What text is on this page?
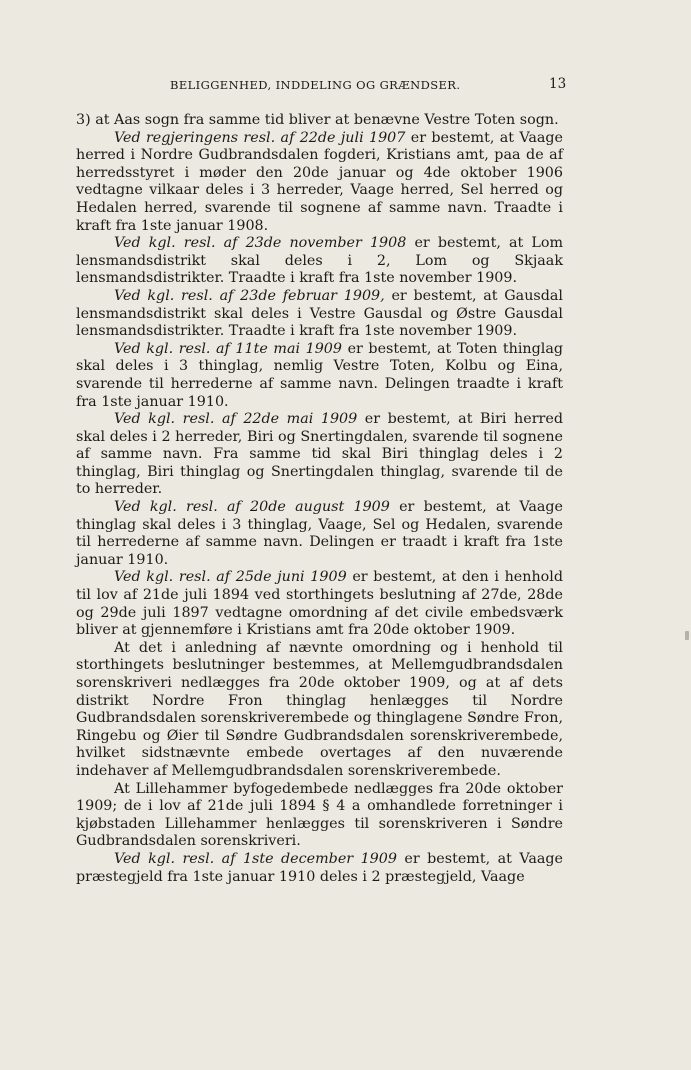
BELIGGENHED, INDDELING OG GRÆNDSER.	13

3) at Aas sogn fra samme tid bliver at benævne Vestre Toten sogn.

Ved regjeringens resl. af 22de juli 1907 er bestemt, at Vaage herred i Nordre Gudbrandsdalen fogderi, Kristians amt, paa de af herredsstyret i møder den 20de januar og 4de oktober 1906 vedtagne vilkaar deles i 3 herreder, Vaage herred, Sel herred og Hedalen herred, svarende til sognene af samme navn. Traadte i kraft fra 1ste januar 1908.

Ved kgl. resl. af 23de november 1908 er bestemt, at Lom lensmandsdistrikt skal deles i 2, Lom og Skjaak lensmandsdistrikter. Traadte i kraft fra 1ste november 1909.

Ved kgl. resl. af 23de februar 1909, er bestemt, at Gausdal lensmandsdistrikt skal deles i Vestre Gausdal og Østre Gausdal lensmandsdistrikter. Traadte i kraft fra 1ste november 1909.

Ved kgl. resl. af 11te mai 1909 er bestemt, at Toten thinglag skal deles i 3 thinglag, nemlig Vestre Toten, Kolbu og Eina, svarende til herrederne af samme navn. Delingen traadte i kraft fra 1ste januar 1910.

Ved kgl. resl. af 22de mai 1909 er bestemt, at Biri herred skal deles i 2 herreder, Biri og Snertingdalen, svarende til sognene af samme navn. Fra samme tid skal Biri thinglag deles i 2 thinglag, Biri thinglag og Snertingdalen thinglag, svarende til de to herreder.

Ved kgl. resl. af 20de august 1909 er bestemt, at Vaage thinglag skal deles i 3 thinglag, Vaage, Sel og Hedalen, svarende til herrederne af samme navn. Delingen er traadt i kraft fra 1ste januar 1910.

Ved kgl. resl. af 25de juni 1909 er bestemt, at den i henhold til lov af 21de juli 1894 ved storthingets beslutning af 27de, 28de og 29de juli 1897 vedtagne omordning af det civile embedsværk bliver at gjennemføre i Kristians amt fra 20de oktober 1909.

At det i anledning af nævnte omordning og i henhold til storthingets beslutninger bestemmes, at Mellemgudbrandsdalen sorenskriveri nedlægges fra 20de oktober 1909, og at af dets distrikt Nordre Fron thinglag henlægges til Nordre Gudbrandsdalen sorenskriverembede og thinglagene Søndre Fron, Ringebu og Øier til Søndre Gudbrandsdalen sorenskriverembede, hvilket sidstnævnte embede overtages af den nuværende indehaver af Mellemgudbrandsdalen sorenskriverembede.

At Lillehammer byfogedembede nedlægges fra 20de oktober 1909; de i lov af 21de juli 1894 § 4 a omhandlede forretninger i kjøbstaden Lillehammer henlægges til sorenskriveren i Søndre Gudbrandsdalen sorenskriveri.

Ved kgl. resl. af 1ste december 1909 er bestemt, at Vaage præstegjeld fra 1ste januar 1910 deles i 2 præstegjeld, Vaage
